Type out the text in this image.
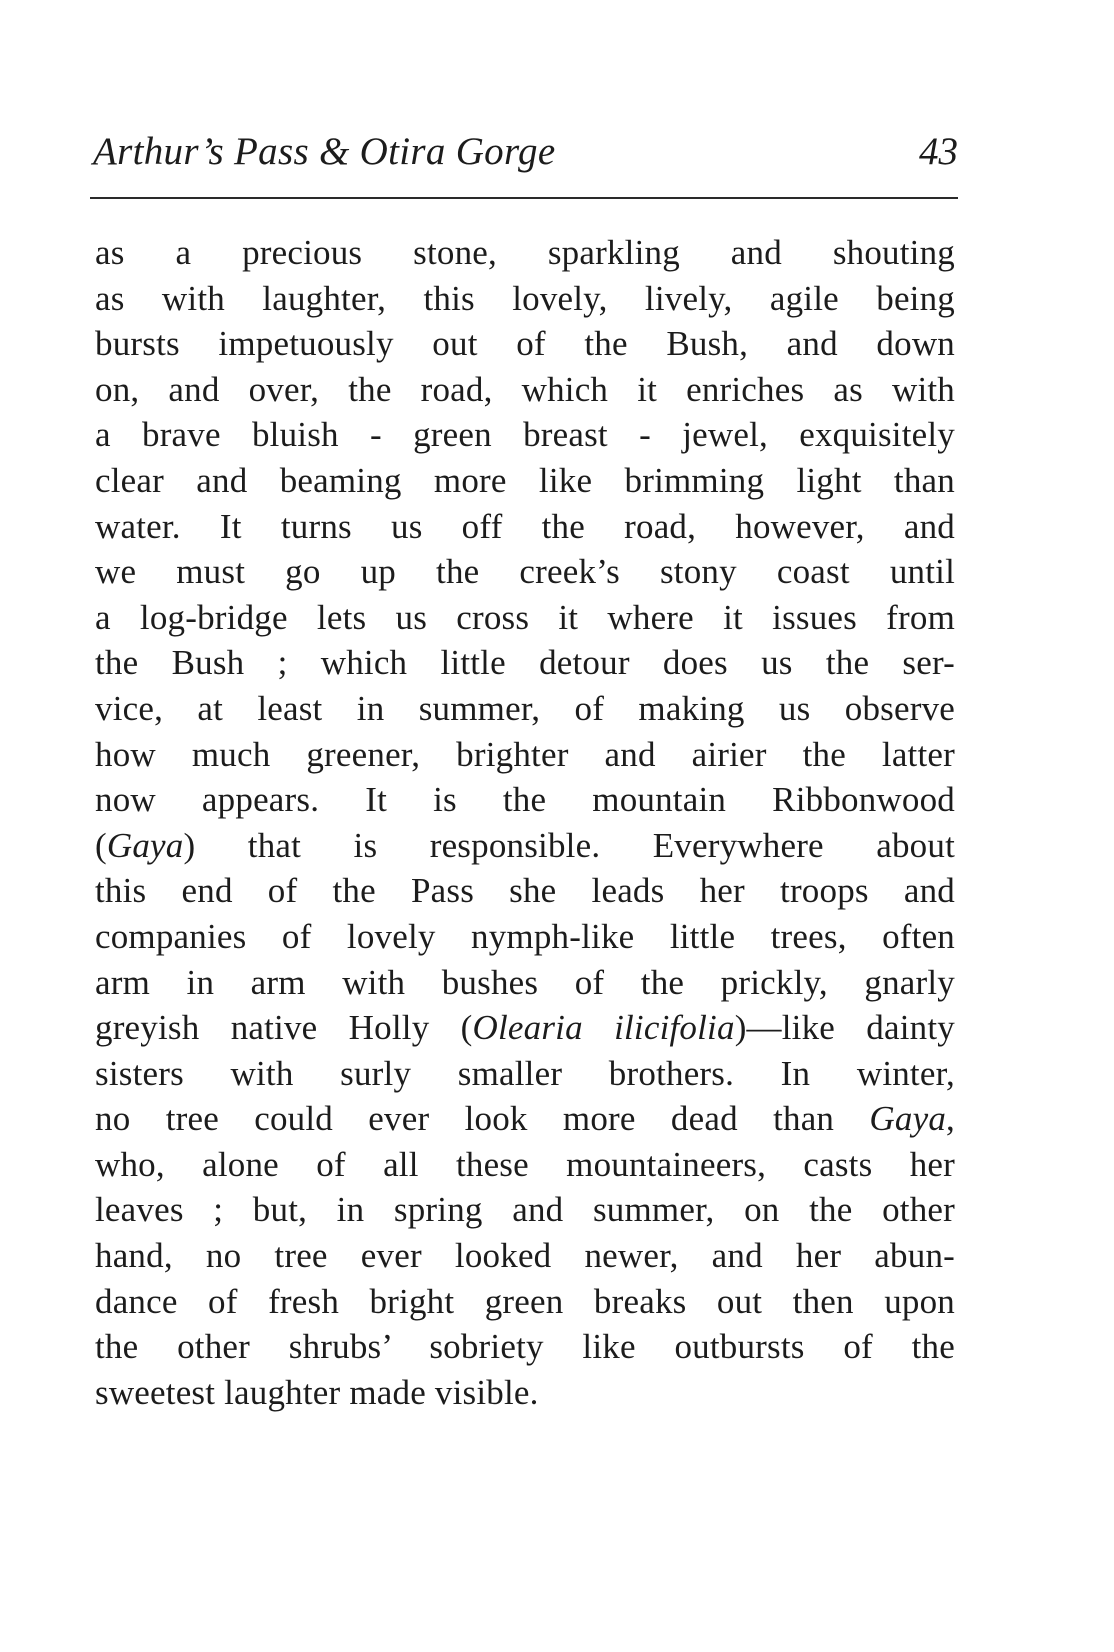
Arthur’s Pass & Otira Gorge	43
as a precious stone, sparkling and shouting
as with laughter, this lovely, lively, agile being
bursts impetuously out of the Bush, and down
on, and over, the road, which it enriches as with
a brave bluish - green breast - jewel, exquisitely
clear and beaming more like brimming light than
water. It turns us off the road, however, and
we must go up the creek’s stony coast until
a log-bridge lets us cross it where it issues from
the Bush ; which little detour does us the ser-
vice, at least in summer, of making us observe
how much greener, brighter and airier the latter
now appears. It is the mountain Ribbonwood
(Gaya) that is responsible. Everywhere about
this end of the Pass she leads her troops and
companies of lovely nymph-like little trees, often
arm in arm with bushes of the prickly, gnarly
greyish native Holly (Olearia ilicifolia)—like dainty
sisters with surly smaller brothers. In winter,
no tree could ever look more dead than Gaya,
who, alone of all these mountaineers, casts her
leaves ; but, in spring and summer, on the other
hand, no tree ever looked newer, and her abun-
dance of fresh bright green breaks out then upon
the other shrubs’ sobriety like outbursts of the
sweetest laughter made visible.
